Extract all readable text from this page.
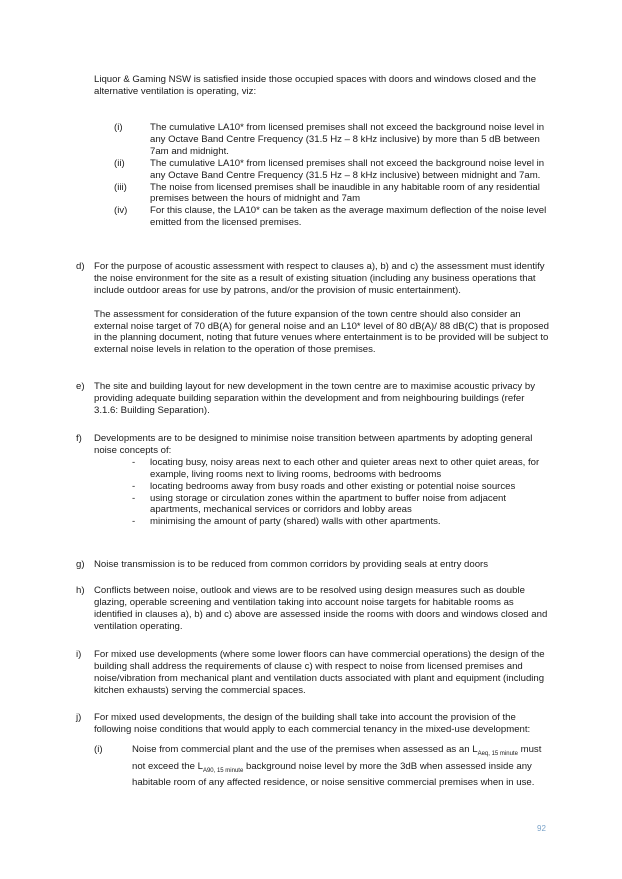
Liquor & Gaming NSW is satisfied inside those occupied spaces with doors and windows closed and the alternative ventilation is operating, viz:

(i)	The cumulative LA10* from licensed premises shall not exceed the background noise level in any Octave Band Centre Frequency (31.5 Hz – 8 kHz inclusive) by more than 5 dB between 7am and midnight.
(ii)	The cumulative LA10* from licensed premises shall not exceed the background noise level in any Octave Band Centre Frequency (31.5 Hz – 8 kHz inclusive) between midnight and 7am.
(iii)	The noise from licensed premises shall be inaudible in any habitable room of any residential premises between the hours of midnight and 7am
(iv)	For this clause, the LA10* can be taken as the average maximum deflection of the noise level emitted from the licensed premises.
d) For the purpose of acoustic assessment with respect to clauses a), b) and c) the assessment must identify the noise environment for the site as a result of existing situation (including any business operations that include outdoor areas for use by patrons, and/or the provision of music entertainment).

The assessment for consideration of the future expansion of the town centre should also consider an external noise target of 70 dB(A) for general noise and an L10* level of 80 dB(A)/ 88 dB(C) that is proposed in the planning document, noting that future venues where entertainment is to be provided will be subject to external noise levels in relation to the operation of those premises.

e) The site and building layout for new development in the town centre are to maximise acoustic privacy by providing adequate building separation within the development and from neighbouring buildings (refer 3.1.6: Building Separation).

f)	Developments are to be designed to minimise noise transition between apartments by adopting general noise concepts of:

-	locating busy, noisy areas next to each other and quieter areas next to other quiet areas, for example, living rooms next to living rooms, bedrooms with bedrooms
-	locating bedrooms away from busy roads and other existing or potential noise sources
-	using storage or circulation zones within the apartment to buffer noise from adjacent apartments, mechanical services or corridors and lobby areas
-	minimising the amount of party (shared) walls with other apartments.
g) Noise transmission is to be reduced from common corridors by providing seals at entry doors

h) Conflicts between noise, outlook and views are to be resolved using design measures such as double glazing, operable screening and ventilation taking into account noise targets for habitable rooms as identified in clauses a), b) and c) above are assessed inside the rooms with doors and windows closed and ventilation operating.

i)	For mixed use developments (where some lower floors can have commercial operations) the design of the building shall address the requirements of clause c) with respect to noise from licensed premises and noise/vibration from mechanical plant and ventilation ducts associated with plant and equipment (including kitchen exhausts) serving the commercial spaces.

j)	For mixed used developments, the design of the building shall take into account the provision of the following noise conditions that would apply to each commercial tenancy in the mixed-use development:

(i)	Noise from commercial plant and the use of the premises when assessed as an $L_{Aeq, 15 minute}$ must not exceed the $L_{A90, 15 minute}$ background noise level by more the 3dB when assessed inside any habitable room of any affected residence, or noise sensitive commercial premises when in use.
92
